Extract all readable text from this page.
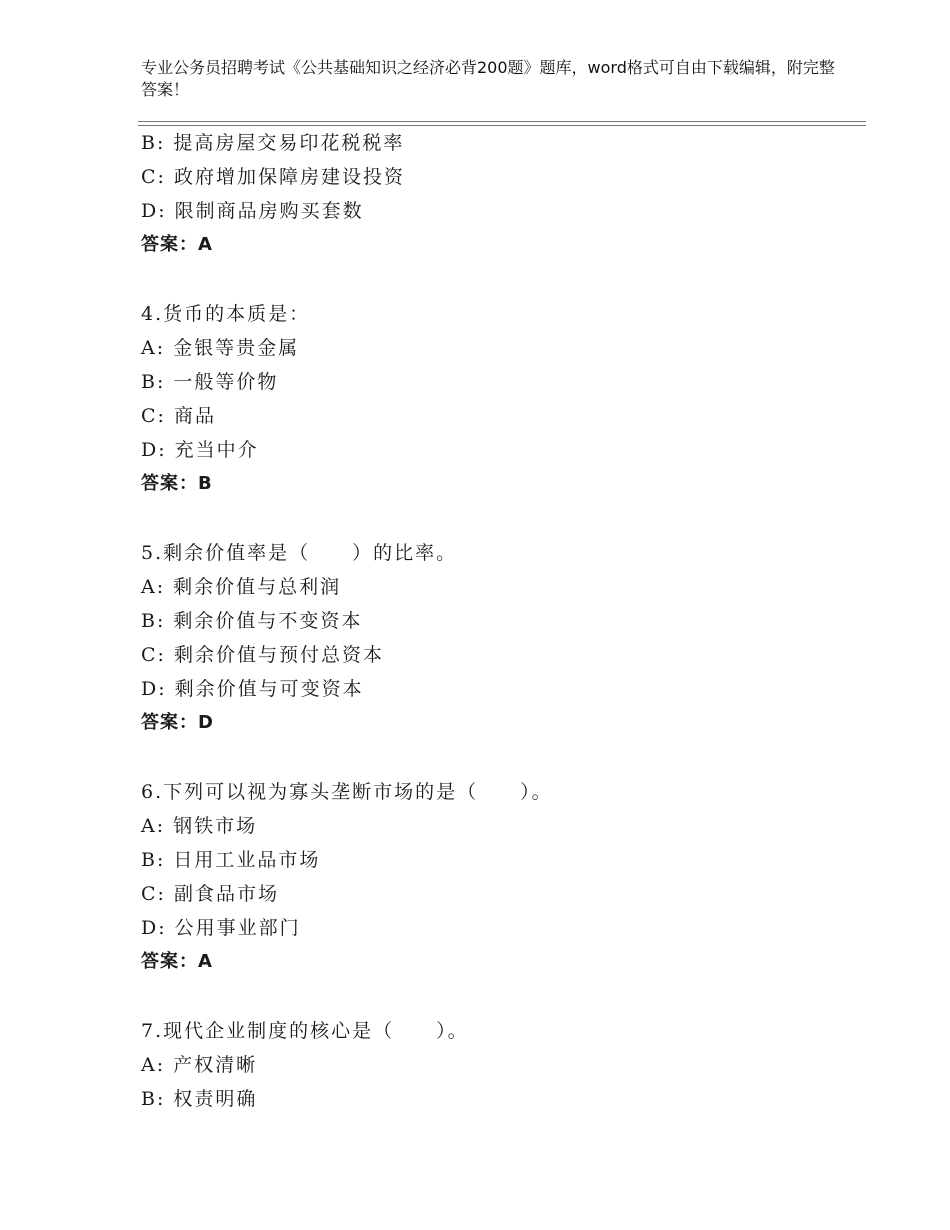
专业公务员招聘考试《公共基础知识之经济必背200题》题库，word格式可自由下载编辑，附完整答案！
B: 提高房屋交易印花税税率
C: 政府增加保障房建设投资
D: 限制商品房购买套数
答案：A
4.货币的本质是：
A: 金银等贵金属
B: 一般等价物
C: 商品
D: 充当中介
答案：B
5.剩余价值率是（　　）的比率。
A: 剩余价值与总利润
B: 剩余价值与不变资本
C: 剩余价值与预付总资本
D: 剩余价值与可变资本
答案：D
6.下列可以视为寡头垄断市场的是（　　）。
A: 钢铁市场
B: 日用工业品市场
C: 副食品市场
D: 公用事业部门
答案：A
7.现代企业制度的核心是（　　）。
A: 产权清晰
B: 权责明确
